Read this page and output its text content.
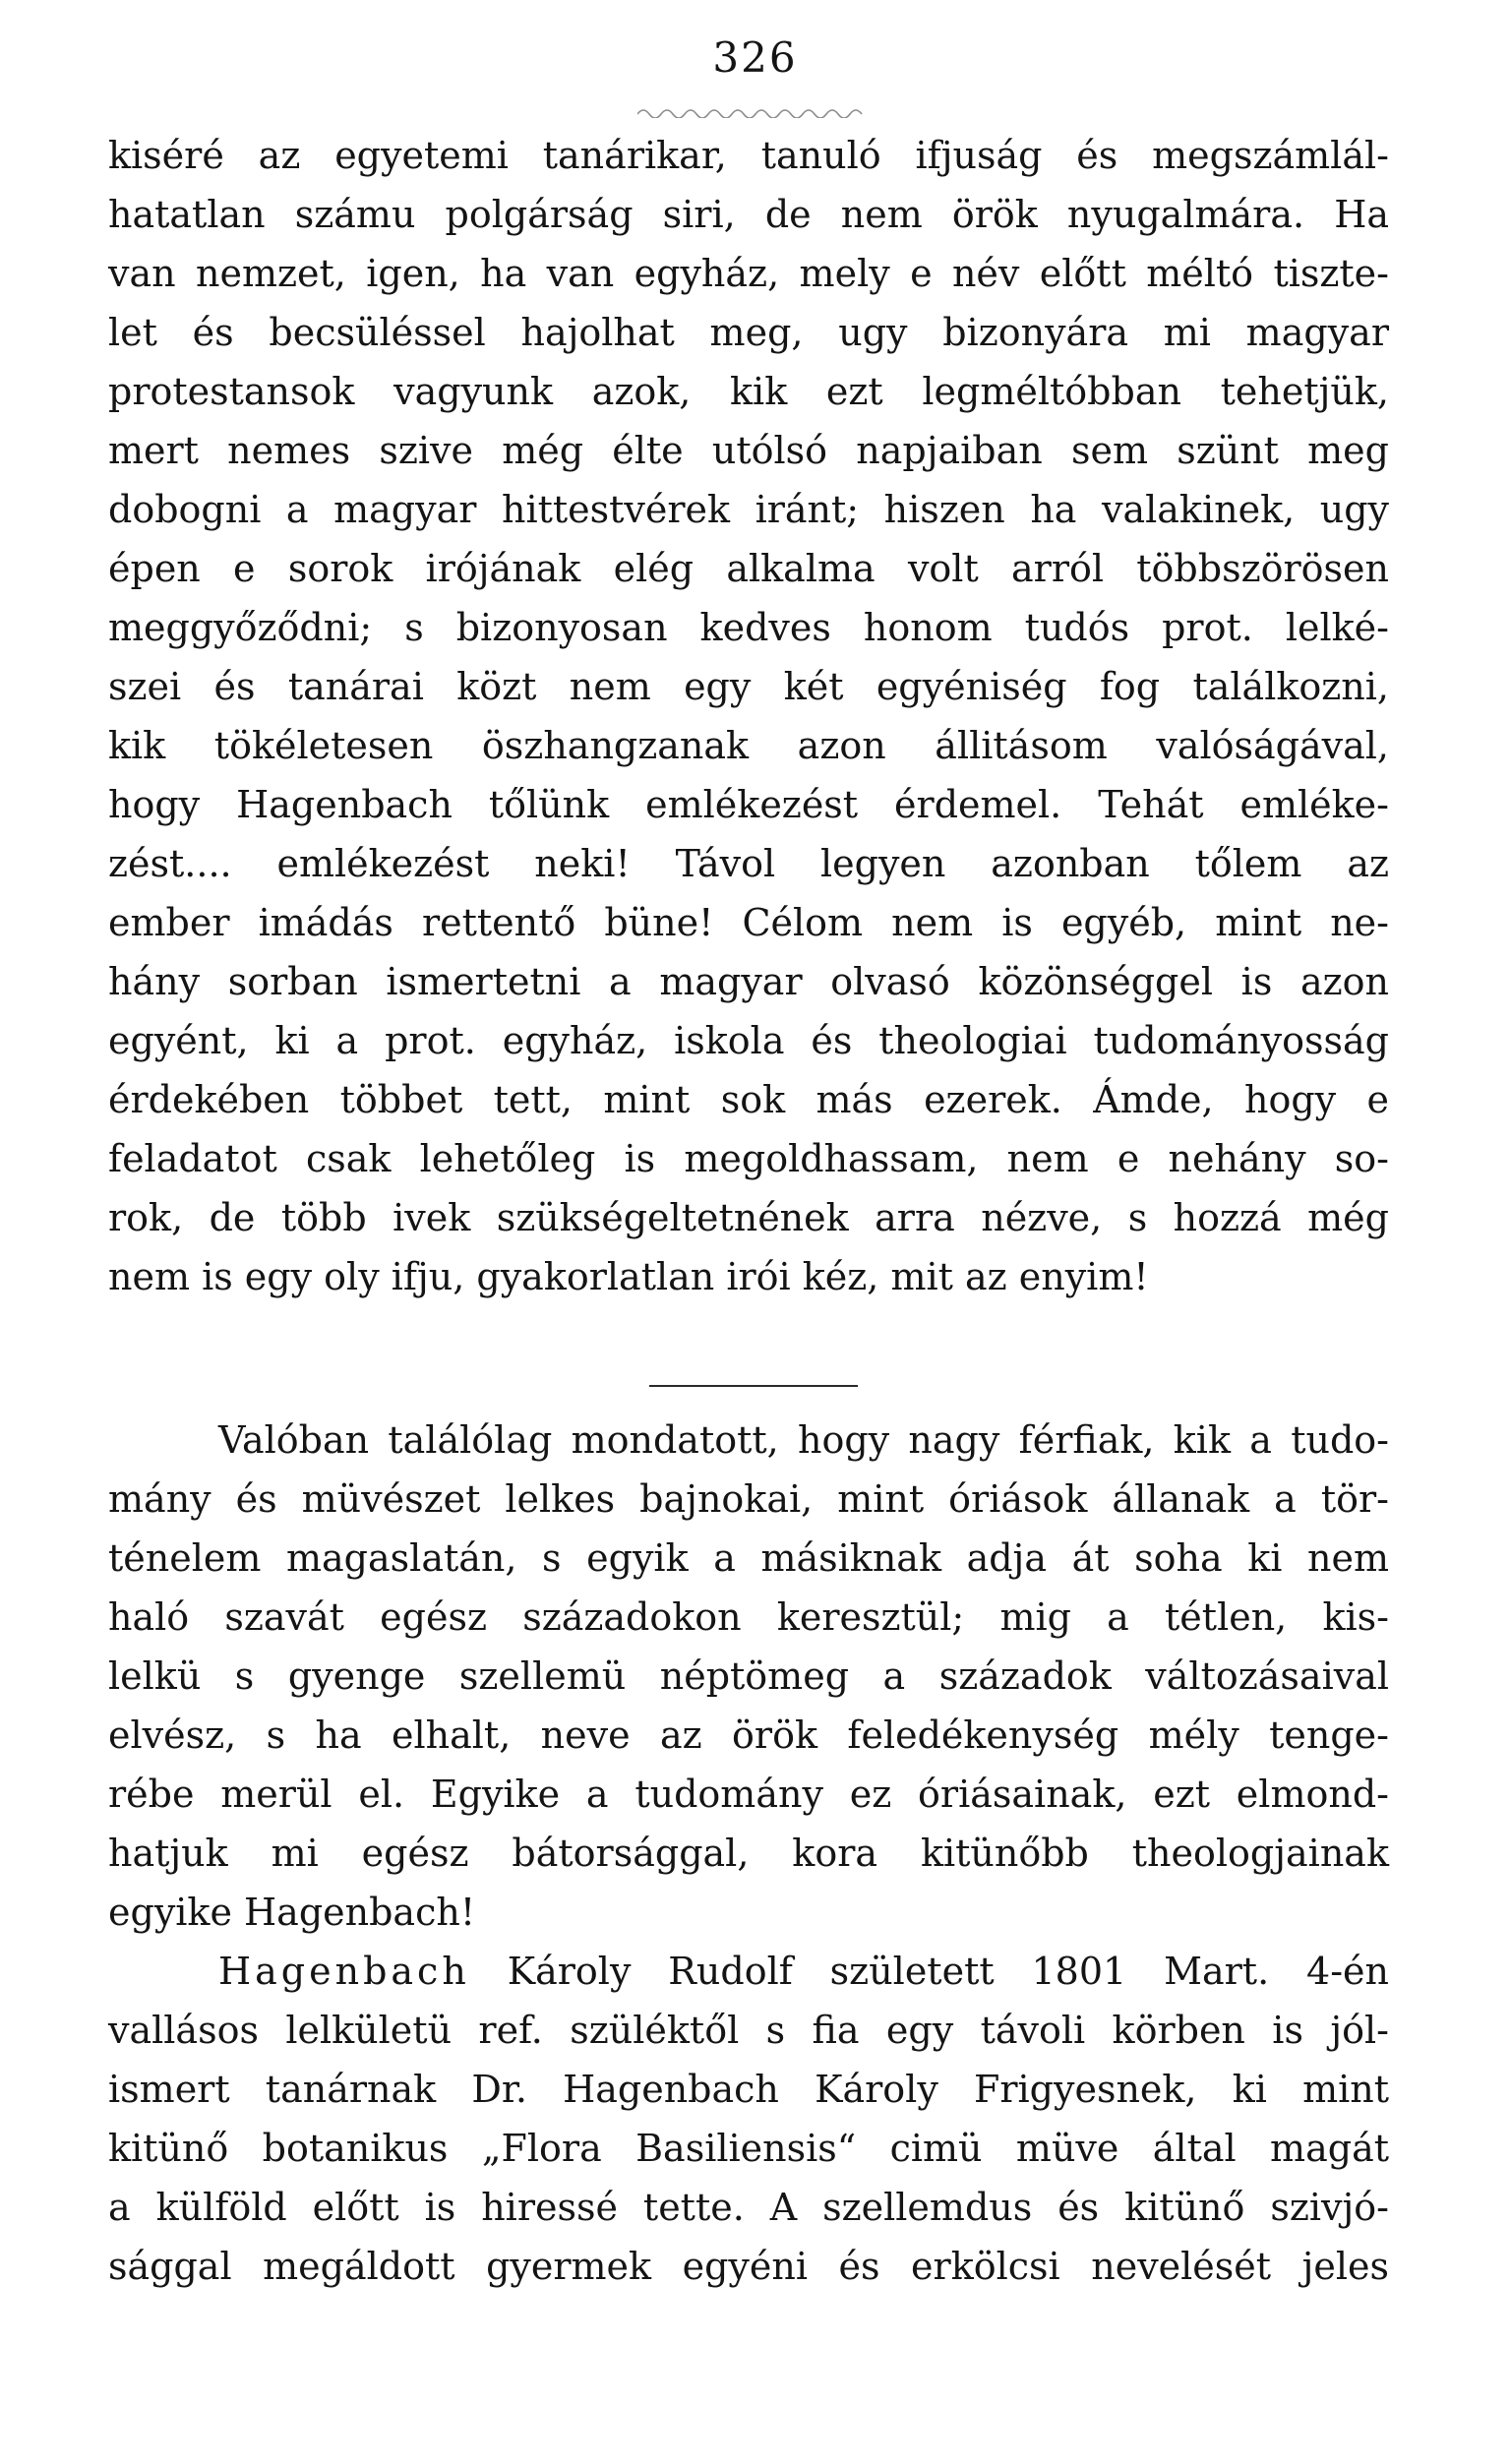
326
kiséré az egyetemi tanárikar, tanuló ifjuság és megszámlál-
hatatlan számu polgárság siri, de nem örök nyugalmára. Ha
van nemzet, igen, ha van egyház, mely e név előtt méltó tiszte-
let és becsüléssel hajolhat meg, ugy bizonyára mi magyar
protestansok vagyunk azok, kik ezt legméltóbban tehetjük,
mert nemes szive még élte utólsó napjaiban sem szünt meg
dobogni a magyar hittestvérek iránt; hiszen ha valakinek, ugy
épen e sorok irójának elég alkalma volt arról többszörösen
meggyőződni; s bizonyosan kedves honom tudós prot. lelké-
szei és tanárai közt nem egy két egyéniség fog találkozni,
kik tökéletesen öszhangzanak azon állitásom valóságával,
hogy Hagenbach tőlünk emlékezést érdemel. Tehát emléke-
zést.... emlékezést neki! Távol legyen azonban tőlem az
ember imádás rettentő büne! Célom nem is egyéb, mint ne-
hány sorban ismertetni a magyar olvasó közönséggel is azon
egyént, ki a prot. egyház, iskola és theologiai tudományosság
érdekében többet tett, mint sok más ezerek. Ámde, hogy e
feladatot csak lehetőleg is megoldhassam, nem e nehány so-
rok, de több ivek szükségeltetnének arra nézve, s hozzá még
nem is egy oly ifju, gyakorlatlan irói kéz, mit az enyim!
Valóban találólag mondatott, hogy nagy férfiak, kik a tudo-
mány és müvészet lelkes bajnokai, mint óriások állanak a tör-
ténelem magaslatán, s egyik a másiknak adja át soha ki nem
haló szavát egész századokon keresztül; mig a tétlen, kis-
lelkü s gyenge szellemü néptömeg a századok változásaival
elvész, s ha elhalt, neve az örök feledékenység mély tenge-
rébe merül el. Egyike a tudomány ez óriásainak, ezt elmond-
hatjuk mi egész bátorsággal, kora kitünőbb theologjainak
egyike Hagenbach!
Hagenbach Károly Rudolf született 1801 Mart. 4-én
vallásos lelkületü ref. szüléktől s fia egy távoli körben is jól-
ismert tanárnak Dr. Hagenbach Károly Frigyesnek, ki mint
kitünő botanikus „Flora Basiliensis“ cimü müve által magát
a külföld előtt is hiressé tette. A szellemdus és kitünő szivjó-
sággal megáldott gyermek egyéni és erkölcsi nevelését jeles
